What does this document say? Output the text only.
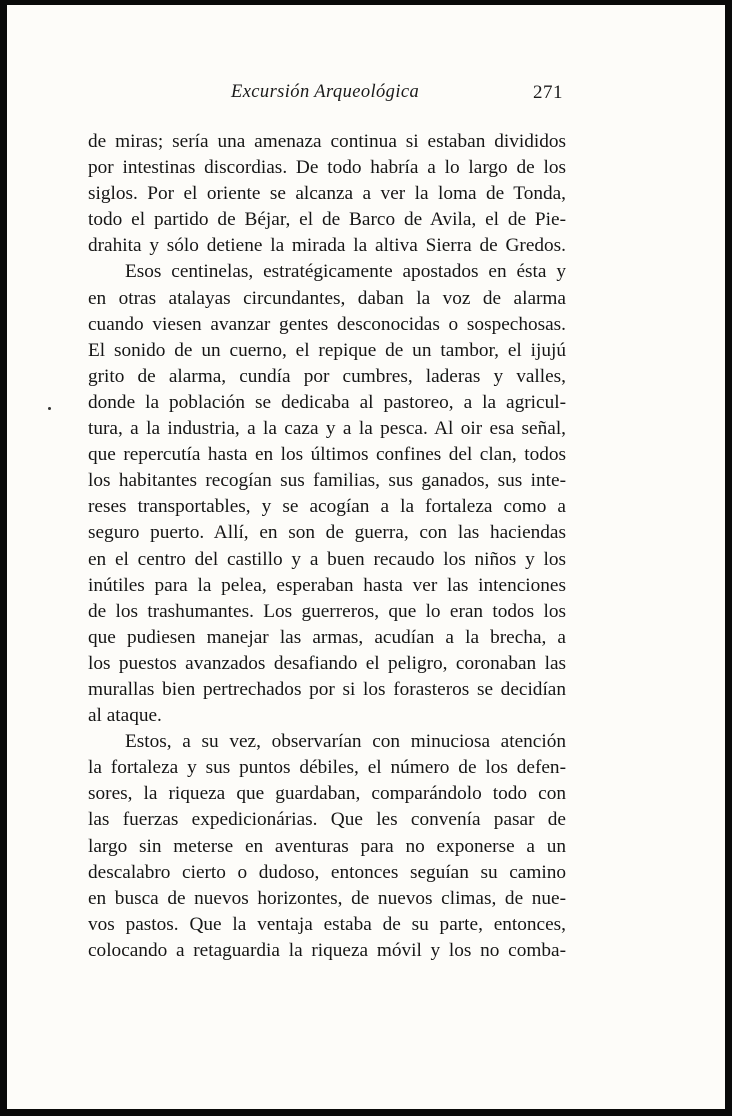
Excursión Arqueológica	271
de miras; sería una amenaza continua si estaban divididos
por intestinas discordias. De todo habría a lo largo de los
siglos. Por el oriente se alcanza a ver la loma de Tonda,
todo el partido de Béjar, el de Barco de Avila, el de Pie-
drahita y sólo detiene la mirada la altiva Sierra de Gredos.
Esos centinelas, estratégicamente apostados en ésta y
en otras atalayas circundantes, daban la voz de alarma
cuando viesen avanzar gentes desconocidas o sospechosas.
El sonido de un cuerno, el repique de un tambor, el ijujú
grito de alarma, cundía por cumbres, laderas y valles,
donde la población se dedicaba al pastoreo, a la agricul-
tura, a la industria, a la caza y a la pesca. Al oir esa señal,
que repercutía hasta en los últimos confines del clan, todos
los habitantes recogían sus familias, sus ganados, sus inte-
reses transportables, y se acogían a la fortaleza como a
seguro puerto. Allí, en son de guerra, con las haciendas
en el centro del castillo y a buen recaudo los niños y los
inútiles para la pelea, esperaban hasta ver las intenciones
de los trashumantes. Los guerreros, que lo eran todos los
que pudiesen manejar las armas, acudían a la brecha, a
los puestos avanzados desafiando el peligro, coronaban las
murallas bien pertrechados por si los forasteros se decidían
al ataque.
Estos, a su vez, observarían con minuciosa atención
la fortaleza y sus puntos débiles, el número de los defen-
sores, la riqueza que guardaban, comparándolo todo con
las fuerzas expedicionárias. Que les convenía pasar de
largo sin meterse en aventuras para no exponerse a un
descalabro cierto o dudoso, entonces seguían su camino
en busca de nuevos horizontes, de nuevos climas, de nue-
vos pastos. Que la ventaja estaba de su parte, entonces,
colocando a retaguardia la riqueza móvil y los no comba-
